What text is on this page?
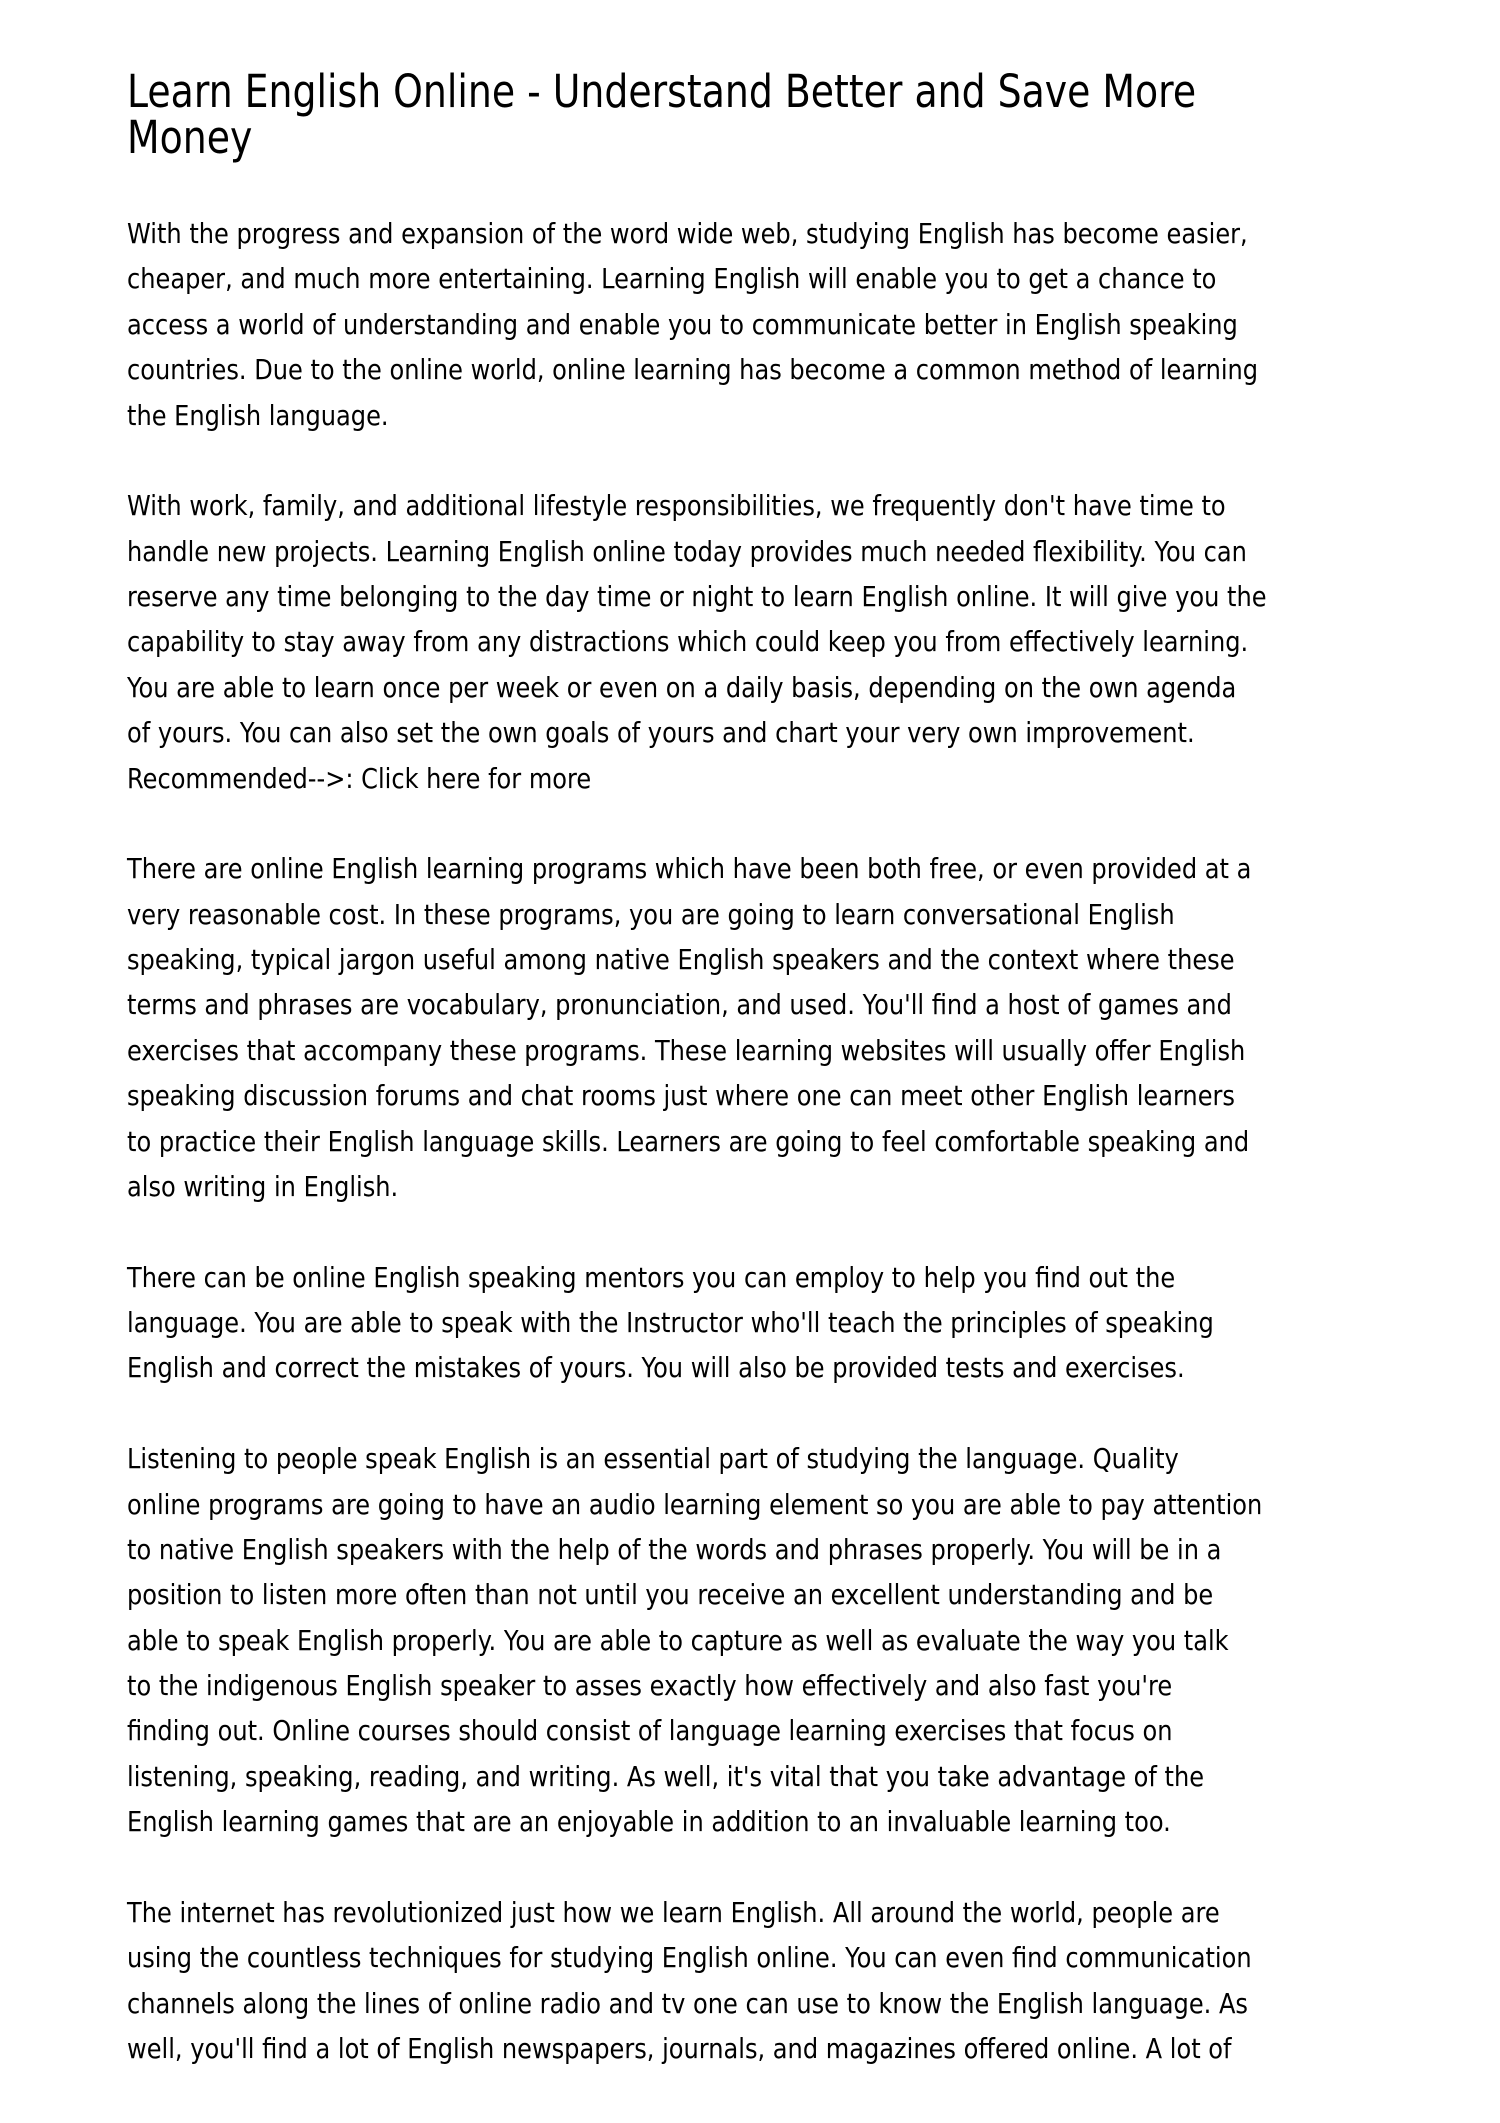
Learn English Online - Understand Better and Save More
Money

With the progress and expansion of the word wide web, studying English has become easier,
cheaper, and much more entertaining. Learning English will enable you to get a chance to
access a world of understanding and enable you to communicate better in English speaking
countries. Due to the online world, online learning has become a common method of learning
the English language.

With work, family, and additional lifestyle responsibilities, we frequently don't have time to
handle new projects. Learning English online today provides much needed flexibility. You can
reserve any time belonging to the day time or night to learn English online. It will give you the
capability to stay away from any distractions which could keep you from effectively learning.
You are able to learn once per week or even on a daily basis, depending on the own agenda
of yours. You can also set the own goals of yours and chart your very own improvement.
Recommended-->: Click here for more

There are online English learning programs which have been both free, or even provided at a
very reasonable cost. In these programs, you are going to learn conversational English
speaking, typical jargon useful among native English speakers and the context where these
terms and phrases are vocabulary, pronunciation, and used. You'll find a host of games and
exercises that accompany these programs. These learning websites will usually offer English
speaking discussion forums and chat rooms just where one can meet other English learners
to practice their English language skills. Learners are going to feel comfortable speaking and
also writing in English.

There can be online English speaking mentors you can employ to help you find out the
language. You are able to speak with the Instructor who'll teach the principles of speaking
English and correct the mistakes of yours. You will also be provided tests and exercises.

Listening to people speak English is an essential part of studying the language. Quality
online programs are going to have an audio learning element so you are able to pay attention
to native English speakers with the help of the words and phrases properly. You will be in a
position to listen more often than not until you receive an excellent understanding and be
able to speak English properly. You are able to capture as well as evaluate the way you talk
to the indigenous English speaker to asses exactly how effectively and also fast you're
finding out. Online courses should consist of language learning exercises that focus on
listening, speaking, reading, and writing. As well, it's vital that you take advantage of the
English learning games that are an enjoyable in addition to an invaluable learning too.

The internet has revolutionized just how we learn English. All around the world, people are
using the countless techniques for studying English online. You can even find communication
channels along the lines of online radio and tv one can use to know the English language. As
well, you'll find a lot of English newspapers, journals, and magazines offered online. A lot of
